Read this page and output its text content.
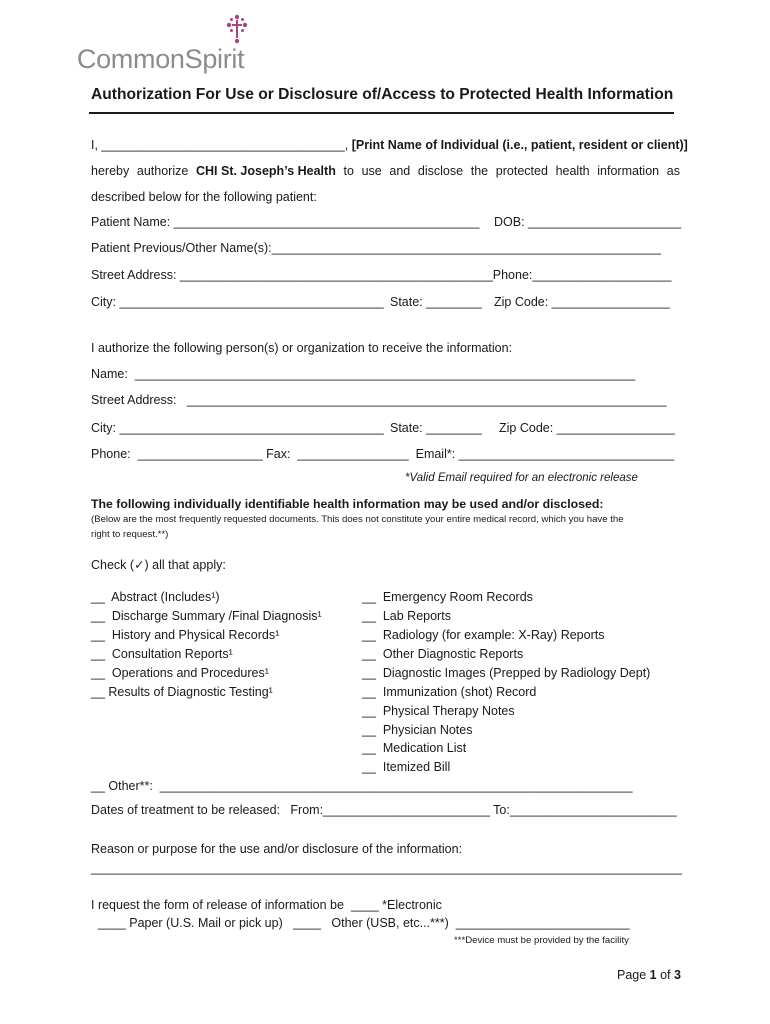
CommonSpirit

Authorization For Use or Disclosure of/Access to Protected Health Information
I, ___________________________________, [Print Name of Individual (i.e., patient, resident or client)]
hereby authorize CHI St. Joseph’s Health to use and disclose the protected health information as
described below for the following patient:
Patient Name: ____________________________________________ DOB: ______________________
Patient Previous/Other Name(s):________________________________________________________
Street Address: _____________________________________________Phone:____________________
City: ______________________________________ State: ________ Zip Code: _________________
I authorize the following person(s) or organization to receive the information:
Name:  ________________________________________________________________________
Street Address:   _____________________________________________________________________
City: ______________________________________ State: ________ Zip Code: _________________
Phone:  __________________ Fax:  ________________  Email*: _______________________________
*Valid Email required for an electronic release
The following individually identifiable health information may be used and/or disclosed:
(Below are the most frequently requested documents. This does not constitute your entire medical record, which you have the
right to request.**)
Check (✓) all that apply:
__  Abstract (Includes¹)
__  Discharge Summary /Final Diagnosis¹
__  History and Physical Records¹
__  Consultation Reports¹
__  Operations and Procedures¹
__ Results of Diagnostic Testing¹
__  Emergency Room Records
__  Lab Reports
__  Radiology (for example: X-Ray) Reports
__  Other Diagnostic Reports
__  Diagnostic Images (Prepped by Radiology Dept)
__  Immunization (shot) Record
__  Physical Therapy Notes
__  Physician Notes
__  Medication List
__  Itemized Bill
__ Other**:  ____________________________________________________________________
Dates of treatment to be released:   From:________________________ To:________________________
Reason or purpose for the use and/or disclosure of the information:
_____________________________________________________________________________________
I request the form of release of information be  ____ *Electronic
____ Paper (U.S. Mail or pick up)   ____   Other (USB, etc...***)  _________________________
***Device must be provided by the facility
Page 1 of 3
